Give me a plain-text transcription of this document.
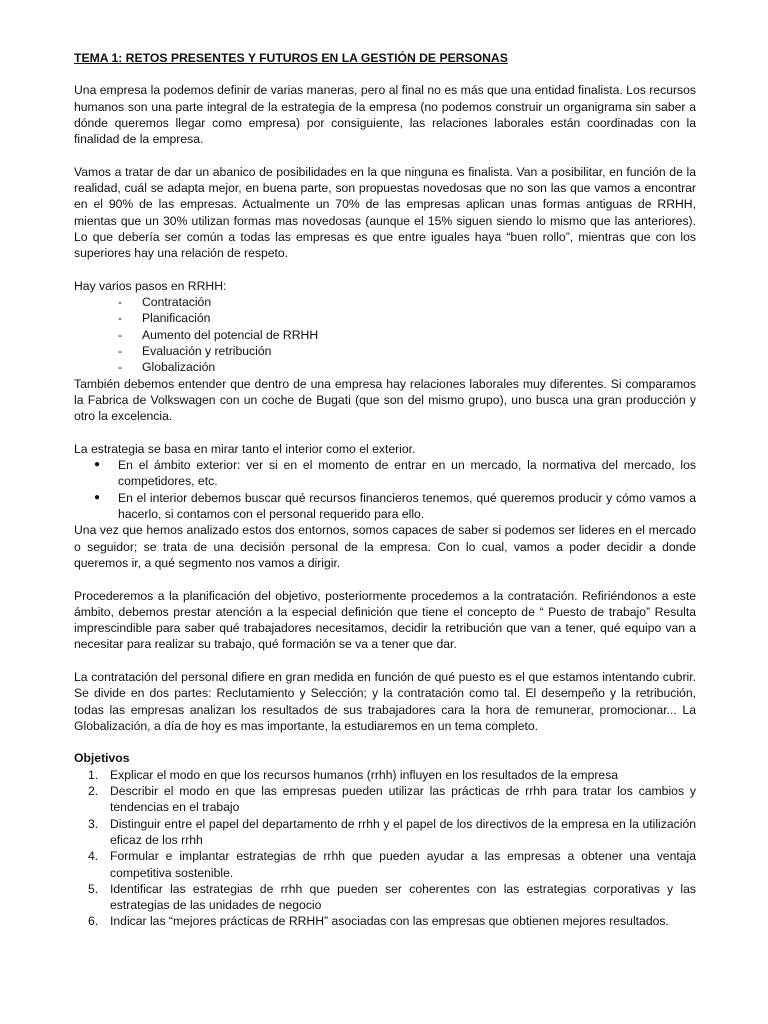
TEMA 1: RETOS PRESENTES Y FUTUROS EN LA GESTIÓN DE PERSONAS

Una empresa la podemos definir de varias maneras, pero al final no es más que una entidad finalista. Los recursos humanos son una parte integral de la estrategia de la empresa (no podemos construir un organigrama sin saber a dónde queremos llegar como empresa) por consiguiente, las relaciones laborales están coordinadas con la finalidad de la empresa.

Vamos a tratar de dar un abanico de posibilidades en la que ninguna es finalista. Van a posibilitar, en función de la realidad, cuál se adapta mejor, en buena parte, son propuestas novedosas que no son las que vamos a encontrar en el 90% de las empresas. Actualmente un 70% de las empresas aplican unas formas antiguas de RRHH, mientas que un 30% utilizan formas mas novedosas (aunque el 15% siguen siendo lo mismo que las anteriores). Lo que debería ser común a todas las empresas es que entre iguales haya “buen rollo”, mientras que con los superiores hay una relación de respeto.

Hay varios pasos en RRHH:

-	Contratación
-	Planificación
-	Aumento del potencial de RRHH
-	Evaluación y retribución
-	Globalización

También debemos entender que dentro de una empresa hay relaciones laborales muy diferentes. Si comparamos la Fabrica de Volkswagen con un coche de Bugati (que son del mismo grupo), uno busca una gran producción y otro la excelencia.

La estrategia se basa en mirar tanto el interior como el exterior.

●	En el ámbito exterior: ver si en el momento de entrar en un mercado, la normativa del mercado, los competidores, etc.
●	En el interior debemos buscar qué recursos financieros tenemos, qué queremos producir y cómo vamos a hacerlo, si contamos con el personal requerido para ello.

Una vez que hemos analizado estos dos entornos, somos capaces de saber si podemos ser lideres en el mercado o seguidor; se trata de una decisión personal de la empresa. Con lo cual, vamos a poder decidir a donde queremos ir, a qué segmento nos vamos a dirigir.

Procederemos a la planificación del objetivo, posteriormente procedemos a la contratación. Refiriéndonos a este ámbito, debemos prestar atención a la especial definición que tiene el concepto de “ Puesto de trabajo” Resulta imprescindible para saber qué trabajadores necesitamos, decidir la retribución que van a tener, qué equipo van a necesitar para realizar su trabajo, qué formación se va a tener que dar.

La contratación del personal difiere en gran medida en función de qué puesto es el que estamos intentando cubrir. Se divide en dos partes: Reclutamiento y Selección; y la contratación como tal. El desempeño y la retribución, todas las empresas analizan los resultados de sus trabajadores cara la hora de remunerar, promocionar... La Globalización, a día de hoy es mas importante, la estudiaremos en un tema completo.

Objetivos

1. Explicar el modo en que los recursos humanos (rrhh) influyen en los resultados de la empresa
2. Describir el modo en que las empresas pueden utilizar las prácticas de rrhh para tratar los cambios y tendencias en el trabajo
3. Distinguir entre el papel del departamento de rrhh y el papel de los directivos de la empresa en la utilización eficaz de los rrhh
4. Formular e implantar estrategias de rrhh que pueden ayudar a las empresas a obtener una ventaja competitiva sostenible.
5. Identificar las estrategias de rrhh que pueden ser coherentes con las estrategias corporativas y las estrategias de las unidades de negocio
6. Indicar las “mejores prácticas de RRHH” asociadas con las empresas que obtienen mejores resultados.
